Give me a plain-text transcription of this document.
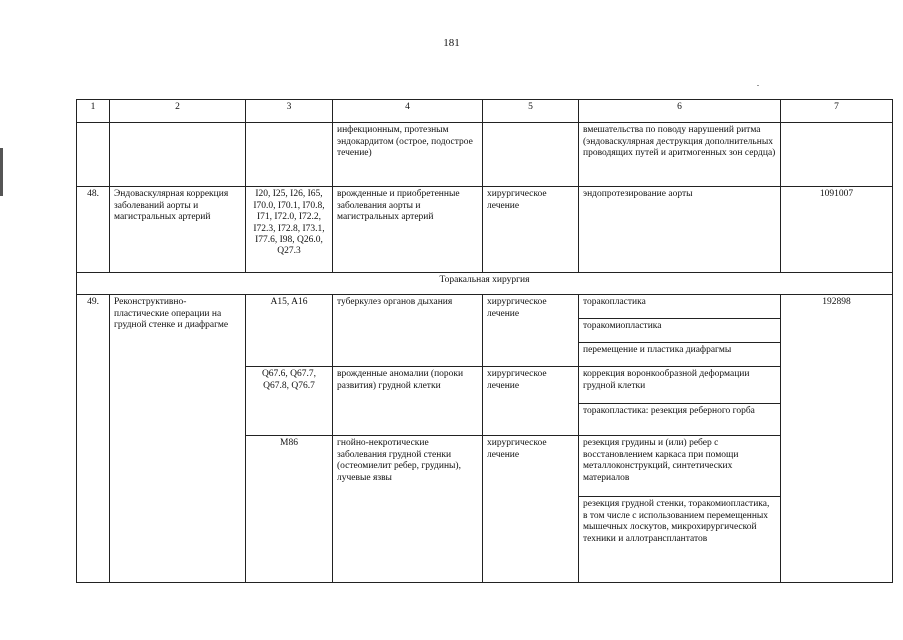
181
1	2	3	4	5	6	7
			инфекционным, протезным эндокардитом (острое, подострое течение)		вмешательства по поводу нарушений ритма (эндоваскулярная деструкция дополнительных проводящих путей и аритмогенных зон сердца)	
48.	Эндоваскулярная коррекция заболеваний аорты и магистральных артерий	I20, I25, I26, I65, I70.0, I70.1, I70.8, I71, I72.0, I72.2, I72.3, I72.8, I73.1, I77.6, I98, Q26.0, Q27.3	врожденные и приобретенные заболевания аорты и магистральных артерий	хирургическое лечение	эндопротезирование аорты	1091007
Торакальная хирургия						
49.	Реконструктивно-пластические операции на грудной стенке и диафрагме	A15, A16	туберкулез органов дыхания	хирургическое лечение	торакопластика	192898
					торакомиопластика	
					перемещение и пластика диафрагмы	
		Q67.6, Q67.7, Q67.8, Q76.7	врожденные аномалии (пороки развития) грудной клетки	хирургическое лечение	коррекция воронкообразной деформации грудной клетки	
					торакопластика: резекция реберного горба	
		M86	гнойно-некротические заболевания грудной стенки (остеомиелит ребер, грудины), лучевые язвы	хирургическое лечение	резекция грудины и (или) ребер с восстановлением каркаса при помощи металлоконструкций, синтетических материалов	
					резекция грудной стенки, торакомиопластика, в том числе с использованием перемещенных мышечных лоскутов, микрохирургической техники и аллотрансплантатов	
